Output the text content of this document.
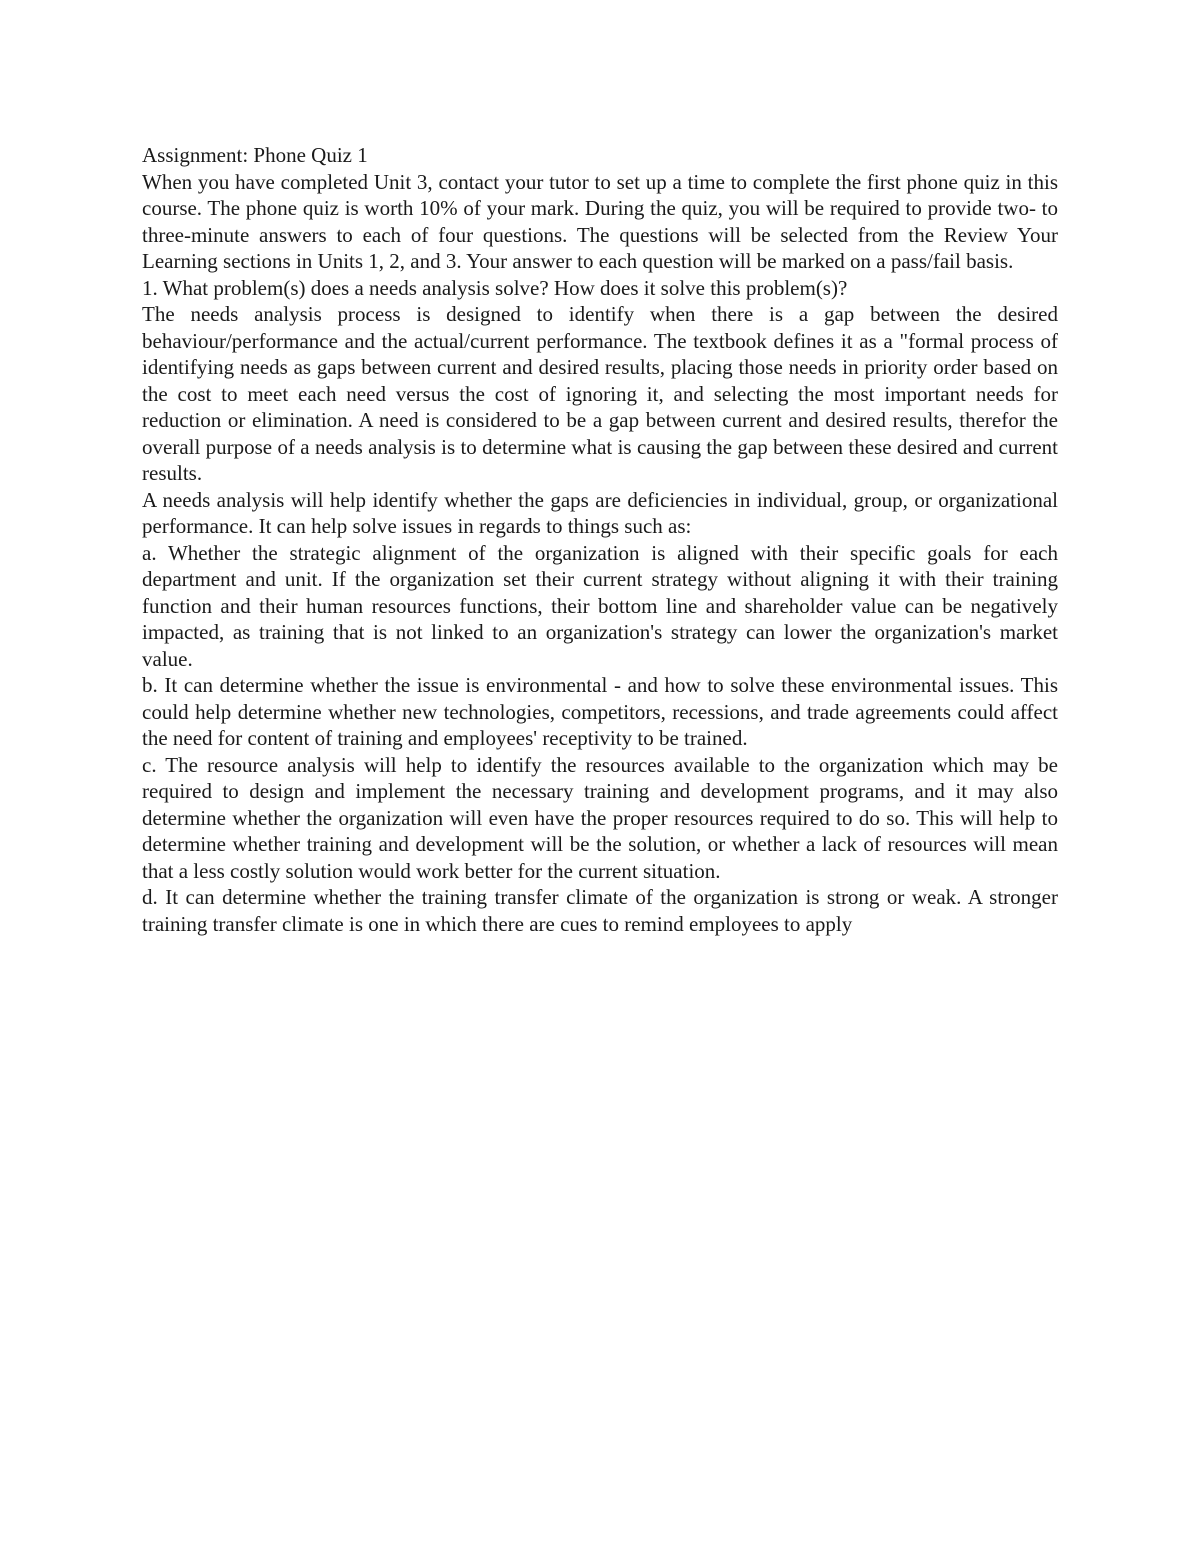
Assignment: Phone Quiz 1

When you have completed Unit 3, contact your tutor to set up a time to complete the first phone quiz in this course. The phone quiz is worth 10% of your mark. During the quiz, you will be required to provide two- to three-minute answers to each of four questions. The questions will be selected from the Review Your Learning sections in Units 1, 2, and 3. Your answer to each question will be marked on a pass/fail basis.

1. What problem(s) does a needs analysis solve? How does it solve this problem(s)?

The needs analysis process is designed to identify when there is a gap between the desired behaviour/performance and the actual/current performance. The textbook defines it as a "formal process of identifying needs as gaps between current and desired results, placing those needs in priority order based on the cost to meet each need versus the cost of ignoring it, and selecting the most important needs for reduction or elimination. A need is considered to be a gap between current and desired results, therefor the overall purpose of a needs analysis is to determine what is causing the gap between these desired and current results.

A needs analysis will help identify whether the gaps are deficiencies in individual, group, or organizational performance. It can help solve issues in regards to things such as:

a. Whether the strategic alignment of the organization is aligned with their specific goals for each department and unit. If the organization set their current strategy without aligning it with their training function and their human resources functions, their bottom line and shareholder value can be negatively impacted, as training that is not linked to an organization's strategy can lower the organization's market value.

b. It can determine whether the issue is environmental - and how to solve these environmental issues. This could help determine whether new technologies, competitors, recessions, and trade agreements could affect the need for content of training and employees' receptivity to be trained.

c. The resource analysis will help to identify the resources available to the organization which may be required to design and implement the necessary training and development programs, and it may also determine whether the organization will even have the proper resources required to do so. This will help to determine whether training and development will be the solution, or whether a lack of resources will mean that a less costly solution would work better for the current situation.

d. It can determine whether the training transfer climate of the organization is strong or weak. A stronger training transfer climate is one in which there are cues to remind employees to apply
